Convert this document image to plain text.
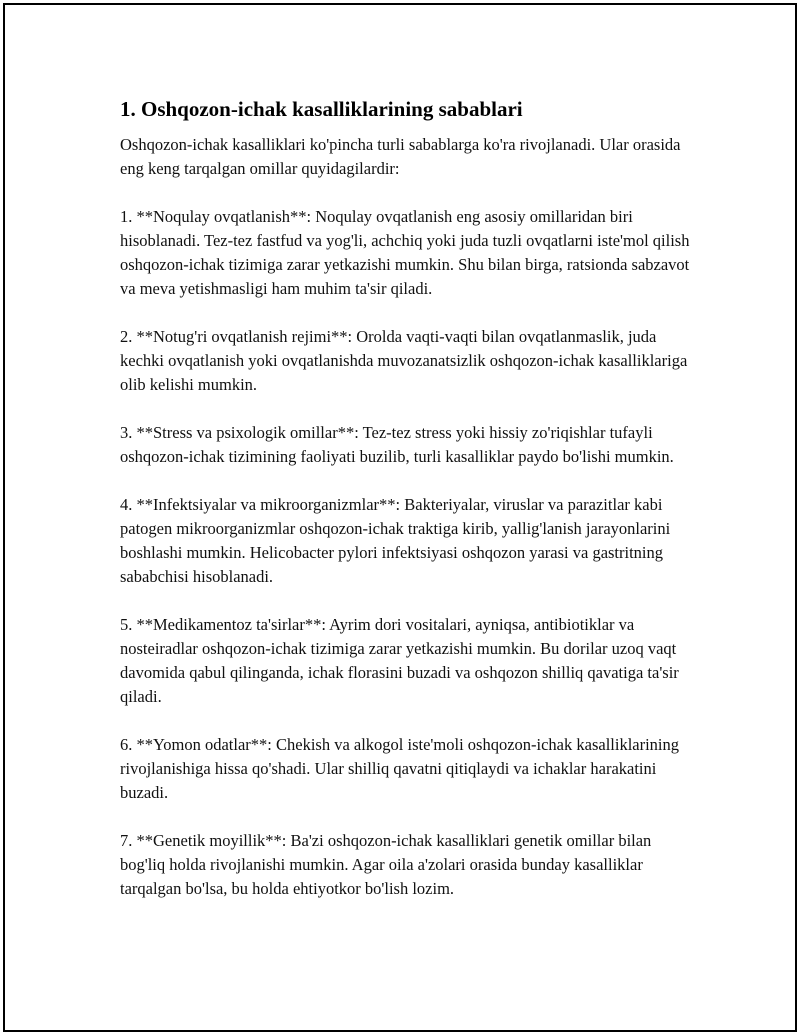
1. Oshqozon-ichak kasalliklarining sabablari

Oshqozon-ichak kasalliklari ko'pincha turli sabablarga ko'ra rivojlanadi. Ular orasida eng keng tarqalgan omillar quyidagilardir:

1. **Noqulay ovqatlanish**: Noqulay ovqatlanish eng asosiy omillaridan biri hisoblanadi. Tez-tez fastfud va yog'li, achchiq yoki juda tuzli ovqatlarni iste'mol qilish oshqozon-ichak tizimiga zarar yetkazishi mumkin. Shu bilan birga, ratsionda sabzavot va meva yetishmasligi ham muhim ta'sir qiladi.

2. **Notug'ri ovqatlanish rejimi**: Orolda vaqti-vaqti bilan ovqatlanmaslik, juda kechki ovqatlanish yoki ovqatlanishda muvozanatsizlik oshqozon-ichak kasalliklariga olib kelishi mumkin.

3. **Stress va psixologik omillar**: Tez-tez stress yoki hissiy zo'riqishlar tufayli oshqozon-ichak tizimining faoliyati buzilib, turli kasalliklar paydo bo'lishi mumkin.

4. **Infektsiyalar va mikroorganizmlar**: Bakteriyalar, viruslar va parazitlar kabi patogen mikroorganizmlar oshqozon-ichak traktiga kirib, yallig'lanish jarayonlarini boshlashi mumkin. Helicobacter pylori infektsiyasi oshqozon yarasi va gastritning sababchisi hisoblanadi.

5. **Medikamentoz ta'sirlar**: Ayrim dori vositalari, ayniqsa, antibiotiklar va nosteiradlar oshqozon-ichak tizimiga zarar yetkazishi mumkin. Bu dorilar uzoq vaqt davomida qabul qilinganda, ichak florasini buzadi va oshqozon shilliq qavatiga ta'sir qiladi.

6. **Yomon odatlar**: Chekish va alkogol iste'moli oshqozon-ichak kasalliklarining rivojlanishiga hissa qo'shadi. Ular shilliq qavatni qitiqlaydi va ichaklar harakatini buzadi.

7. **Genetik moyillik**: Ba'zi oshqozon-ichak kasalliklari genetik omillar bilan bog'liq holda rivojlanishi mumkin. Agar oila a'zolari orasida bunday kasalliklar tarqalgan bo'lsa, bu holda ehtiyotkor bo'lish lozim.
